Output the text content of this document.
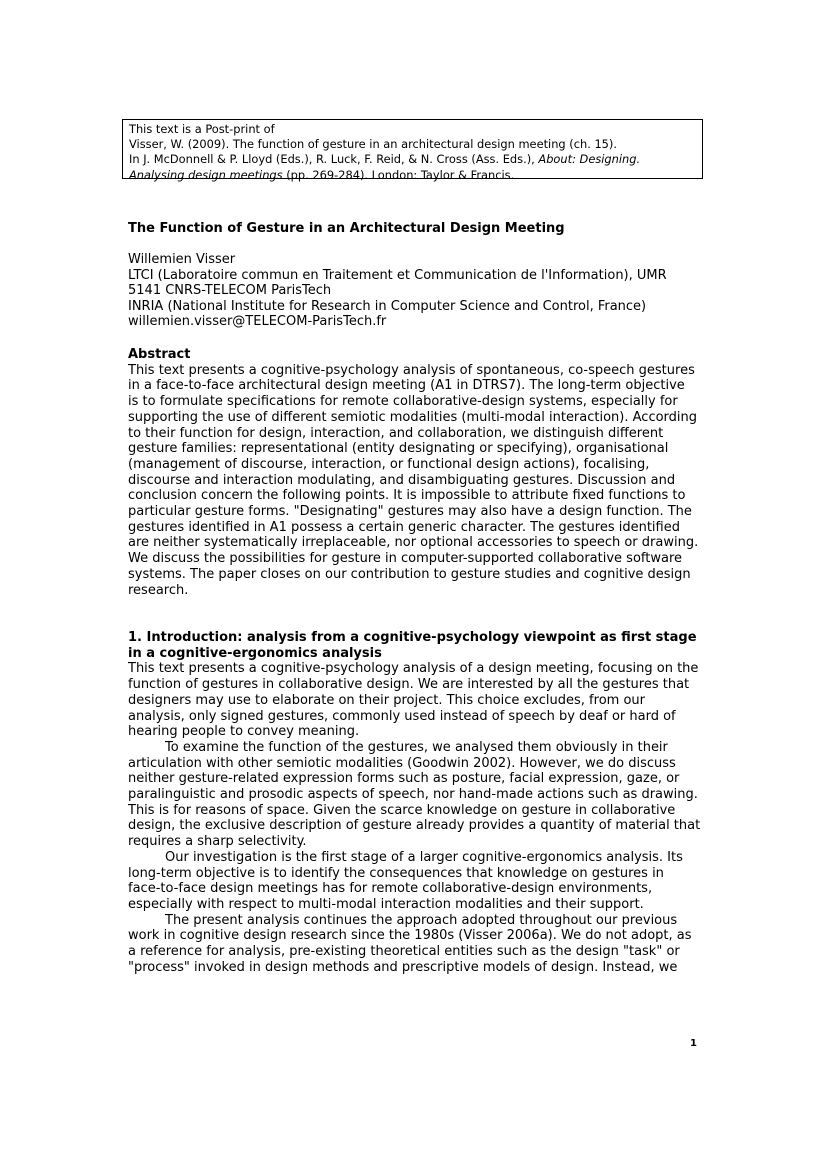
This text is a Post-print of
Visser, W. (2009). The function of gesture in an architectural design meeting (ch. 15).
In J. McDonnell & P. Lloyd (Eds.), R. Luck, F. Reid, & N. Cross (Ass. Eds.), About: Designing.
Analysing design meetings (pp. 269-284). London: Taylor & Francis.
The Function of Gesture in an Architectural Design Meeting
Willemien Visser
LTCI (Laboratoire commun en Traitement et Communication de l'Information), UMR
5141 CNRS-TELECOM ParisTech
INRIA (National Institute for Research in Computer Science and Control, France)
willemien.visser@TELECOM-ParisTech.fr
Abstract
This text presents a cognitive-psychology analysis of spontaneous, co-speech gestures
in a face-to-face architectural design meeting (A1 in DTRS7). The long-term objective
is to formulate specifications for remote collaborative-design systems, especially for
supporting the use of different semiotic modalities (multi-modal interaction). According
to their function for design, interaction, and collaboration, we distinguish different
gesture families: representational (entity designating or specifying), organisational
(management of discourse, interaction, or functional design actions), focalising,
discourse and interaction modulating, and disambiguating gestures. Discussion and
conclusion concern the following points. It is impossible to attribute fixed functions to
particular gesture forms. "Designating" gestures may also have a design function. The
gestures identified in A1 possess a certain generic character. The gestures identified
are neither systematically irreplaceable, nor optional accessories to speech or drawing.
We discuss the possibilities for gesture in computer-supported collaborative software
systems. The paper closes on our contribution to gesture studies and cognitive design
research.
1. Introduction: analysis from a cognitive-psychology viewpoint as first stage
in a cognitive-ergonomics analysis
This text presents a cognitive-psychology analysis of a design meeting, focusing on the
function of gestures in collaborative design. We are interested by all the gestures that
designers may use to elaborate on their project. This choice excludes, from our
analysis, only signed gestures, commonly used instead of speech by deaf or hard of
hearing people to convey meaning.
To examine the function of the gestures, we analysed them obviously in their
articulation with other semiotic modalities (Goodwin 2002). However, we do discuss
neither gesture-related expression forms such as posture, facial expression, gaze, or
paralinguistic and prosodic aspects of speech, nor hand-made actions such as drawing.
This is for reasons of space. Given the scarce knowledge on gesture in collaborative
design, the exclusive description of gesture already provides a quantity of material that
requires a sharp selectivity.
Our investigation is the first stage of a larger cognitive-ergonomics analysis. Its
long-term objective is to identify the consequences that knowledge on gestures in
face-to-face design meetings has for remote collaborative-design environments,
especially with respect to multi-modal interaction modalities and their support.
The present analysis continues the approach adopted throughout our previous
work in cognitive design research since the 1980s (Visser 2006a). We do not adopt, as
a reference for analysis, pre-existing theoretical entities such as the design "task" or
"process" invoked in design methods and prescriptive models of design. Instead, we
1
